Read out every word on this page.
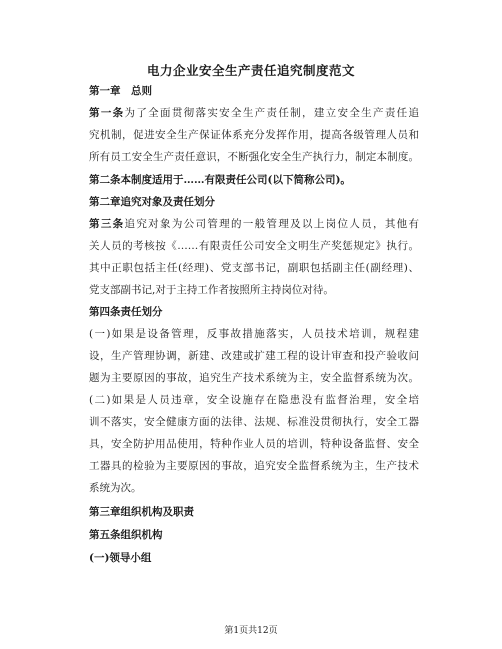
电力企业安全生产责任追究制度范文
第一章　总则
第一条为了全面贯彻落实安全生产责任制，建立安全生产责任追
究机制，促进安全生产保证体系充分发挥作用，提高各级管理人员和
所有员工安全生产责任意识，不断强化安全生产执行力，制定本制度。
第二条本制度适用于……有限责任公司(以下简称公司)。
第二章追究对象及责任划分
第三条追究对象为公司管理的一般管理及以上岗位人员，其他有
关人员的考核按《……有限责任公司安全文明生产奖惩规定》执行。
其中正职包括主任(经理)、党支部书记，副职包括副主任(副经理)、
党支部副书记,对于主持工作者按照所主持岗位对待。
第四条责任划分
(一)如果是设备管理，反事故措施落实，人员技术培训，规程建
设，生产管理协调，新建、改建或扩建工程的设计审查和投产验收问
题为主要原因的事故，追究生产技术系统为主，安全监督系统为次。
(二)如果是人员违章，安全设施存在隐患没有监督治理，安全培
训不落实，安全健康方面的法律、法规、标准没贯彻执行，安全工器
具，安全防护用品使用，特种作业人员的培训，特种设备监督、安全
工器具的检验为主要原因的事故，追究安全监督系统为主，生产技术
系统为次。
第三章组织机构及职责
第五条组织机构
(一)领导小组
第1页共12页
